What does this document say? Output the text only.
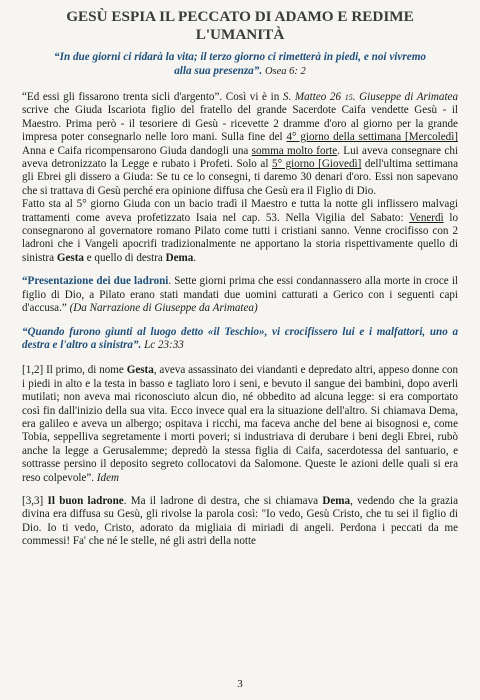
GESÙ ESPIA IL PECCATO DI ADAMO E REDIME
L'UMANITÀ
“In due giorni ci ridarà la vita; il terzo giorno ci rimetterà in piedi, e noi vivremo
alla sua presenza”. Osea 6: 2

“Ed essi gli fissarono trenta sicli d'argento”. Così vi è in S. Matteo 26 15. Giuseppe di Arimatea scrive che Giuda Iscariota figlio del fratello del grande Sacerdote Caifa vendette Gesù - il Maestro. Prima però - il tesoriere di Gesù - ricevette 2 dramme d'oro al giorno per la grande impresa poter consegnarlo nelle loro mani. Sulla fine del 4° giorno della settimana [Mercoledì] Anna e Caifa ricompensarono Giuda dandogli una somma molto forte. Lui aveva consegnare chi aveva detronizzato la Legge e rubato i Profeti. Solo al 5° giorno [Giovedì] dell'ultima settimana gli Ebrei gli dissero a Giuda: Se tu ce lo consegni, ti daremo 30 denari d'oro. Essi non sapevano che si trattava di Gesù perché era opinione diffusa che Gesù era il Figlio di Dio.

Fatto sta al 5° giorno Giuda con un bacio tradì il Maestro e tutta la notte gli inflissero malvagi trattamenti come aveva profetizzato Isaia nel cap. 53. Nella Vigilia del Sabato: Venerdì lo consegnarono al governatore romano Pilato come tutti i cristiani sanno. Venne crocifisso con 2 ladroni che i Vangeli apocrifi tradizionalmente ne apportano la storia rispettivamente quello di sinistra Gesta e quello di destra Dema.

“Presentazione dei due ladroni. Sette giorni prima che essi condannassero alla morte in croce il figlio di Dio, a Pilato erano stati mandati due uomini catturati a Gerico con i seguenti capi d'accusa.” (Da Narrazione di Giuseppe da Arimatea)

“Quando furono giunti al luogo detto «il Teschio», vi crocifissero lui e i malfattori, uno a destra e l'altro a sinistra”. Lc 23:33

[1,2] Il primo, di nome Gesta, aveva assassinato dei viandanti e depredato altri, appeso donne con i piedi in alto e la testa in basso e tagliato loro i seni, e bevuto il sangue dei bambini, dopo averli mutilati; non aveva mai riconosciuto alcun dio, né obbedito ad alcuna legge: si era comportato così fin dall'inizio della sua vita. Ecco invece qual era la situazione dell'altro. Si chiamava Dema, era galileo e aveva un albergo; ospitava i ricchi, ma faceva anche del bene ai bisognosi e, come Tobia, seppelliva segretamente i morti poveri; si industriava di derubare i beni degli Ebrei, rubò anche la legge a Gerusalemme; depredò la stessa figlia di Caifa, sacerdotessa del santuario, e sottrasse persino il deposito segreto collocatovi da Salomone. Queste le azioni delle quali si era reso colpevole”. Idem

[3,3] Il buon ladrone. Ma il ladrone di destra, che si chiamava Dema, vedendo che la grazia divina era diffusa su Gesù, gli rivolse la parola così: "Io vedo, Gesù Cristo, che tu sei il figlio di Dio. Io ti vedo, Cristo, adorato da migliaia di miriadi di angeli. Perdona i peccati da me commessi! Fa' che né le stelle, né gli astri della notte

3
